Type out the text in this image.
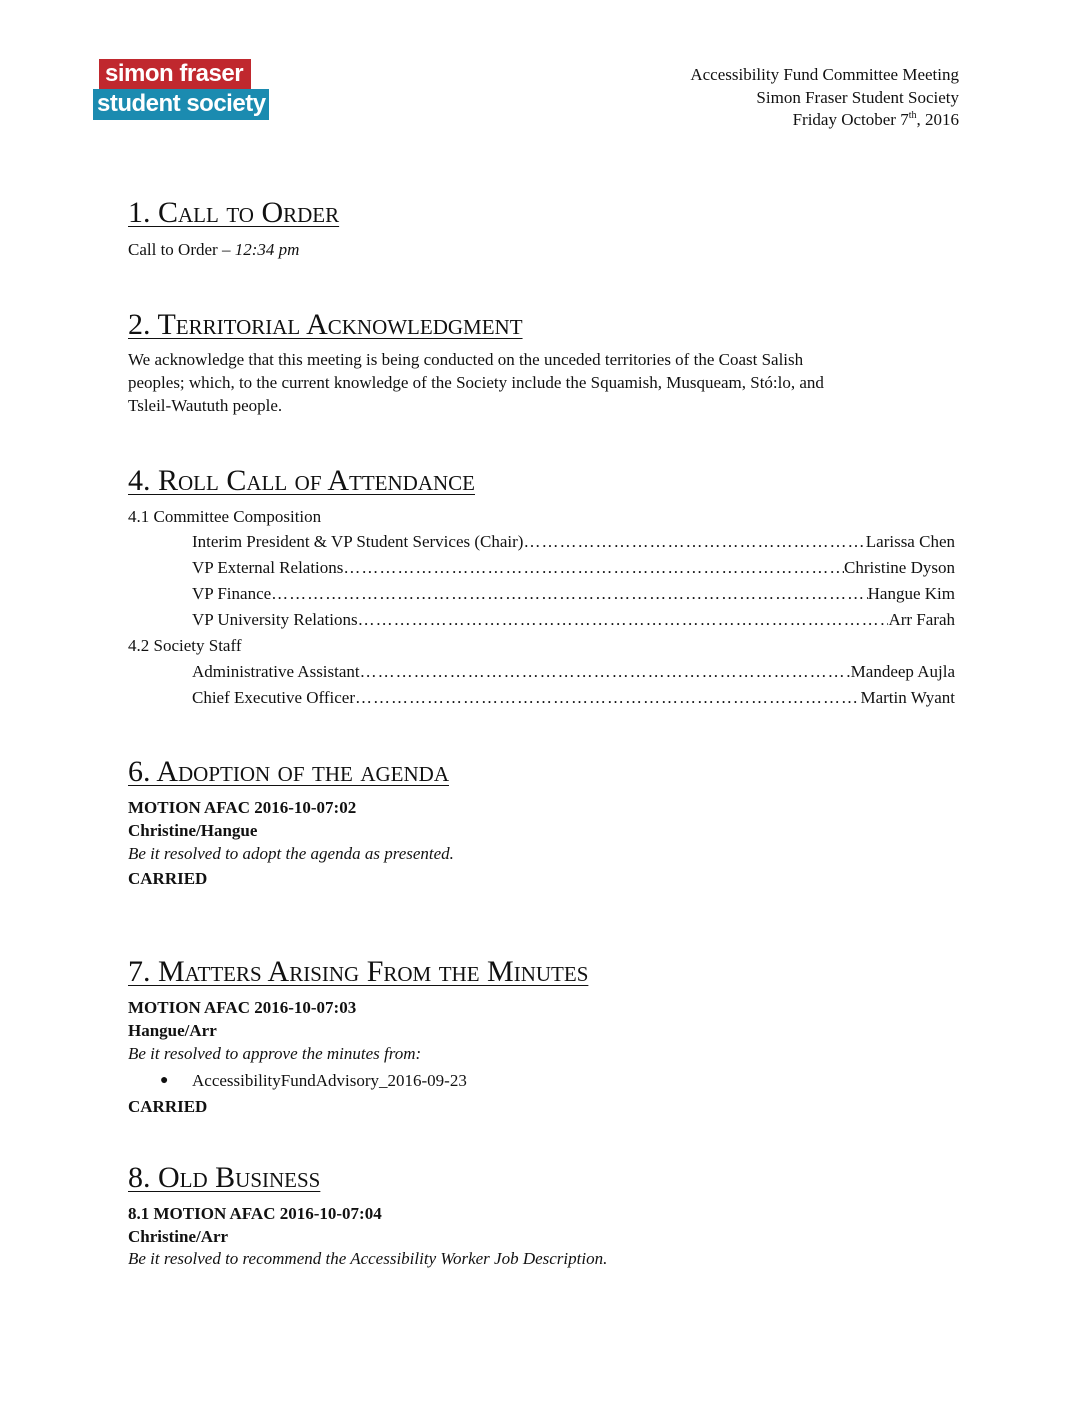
simon fraser
student society
Accessibility Fund Committee Meeting
Simon Fraser Student Society
Friday October 7th, 2016
1. Call to Order
Call to Order – 12:34 pm
2. Territorial Acknowledgment
We acknowledge that this meeting is being conducted on the unceded territories of the Coast Salish
peoples; which, to the current knowledge of the Society include the Squamish, Musqueam, Stó:lo, and
Tsleil-Waututh people.
4. Roll Call of Attendance
4.1 Committee Composition
Interim President & VP Student Services (Chair) …………………………………………………………………………………………………………………………………………………	Larissa Chen
VP External Relations …………………………………………………………………………………………………………………………………………………	Christine Dyson
VP Finance …………………………………………………………………………………………………………………………………………………	Hangue Kim
VP University Relations …………………………………………………………………………………………………………………………………………………	Arr Farah
4.2 Society Staff
Administrative Assistant …………………………………………………………………………………………………………………………………………………	Mandeep Aujla
Chief Executive Officer …………………………………………………………………………………………………………………………………………………	Martin Wyant
6. Adoption of the agenda
MOTION AFAC 2016-10-07:02
Christine/Hangue
Be it resolved to adopt the agenda as presented.
CARRIED
7. Matters Arising From the Minutes
MOTION AFAC 2016-10-07:03
Hangue/Arr
Be it resolved to approve the minutes from:
●	AccessibilityFundAdvisory_2016-09-23
CARRIED
8. Old Business
8.1 MOTION AFAC 2016-10-07:04
Christine/Arr
Be it resolved to recommend the Accessibility Worker Job Description.
